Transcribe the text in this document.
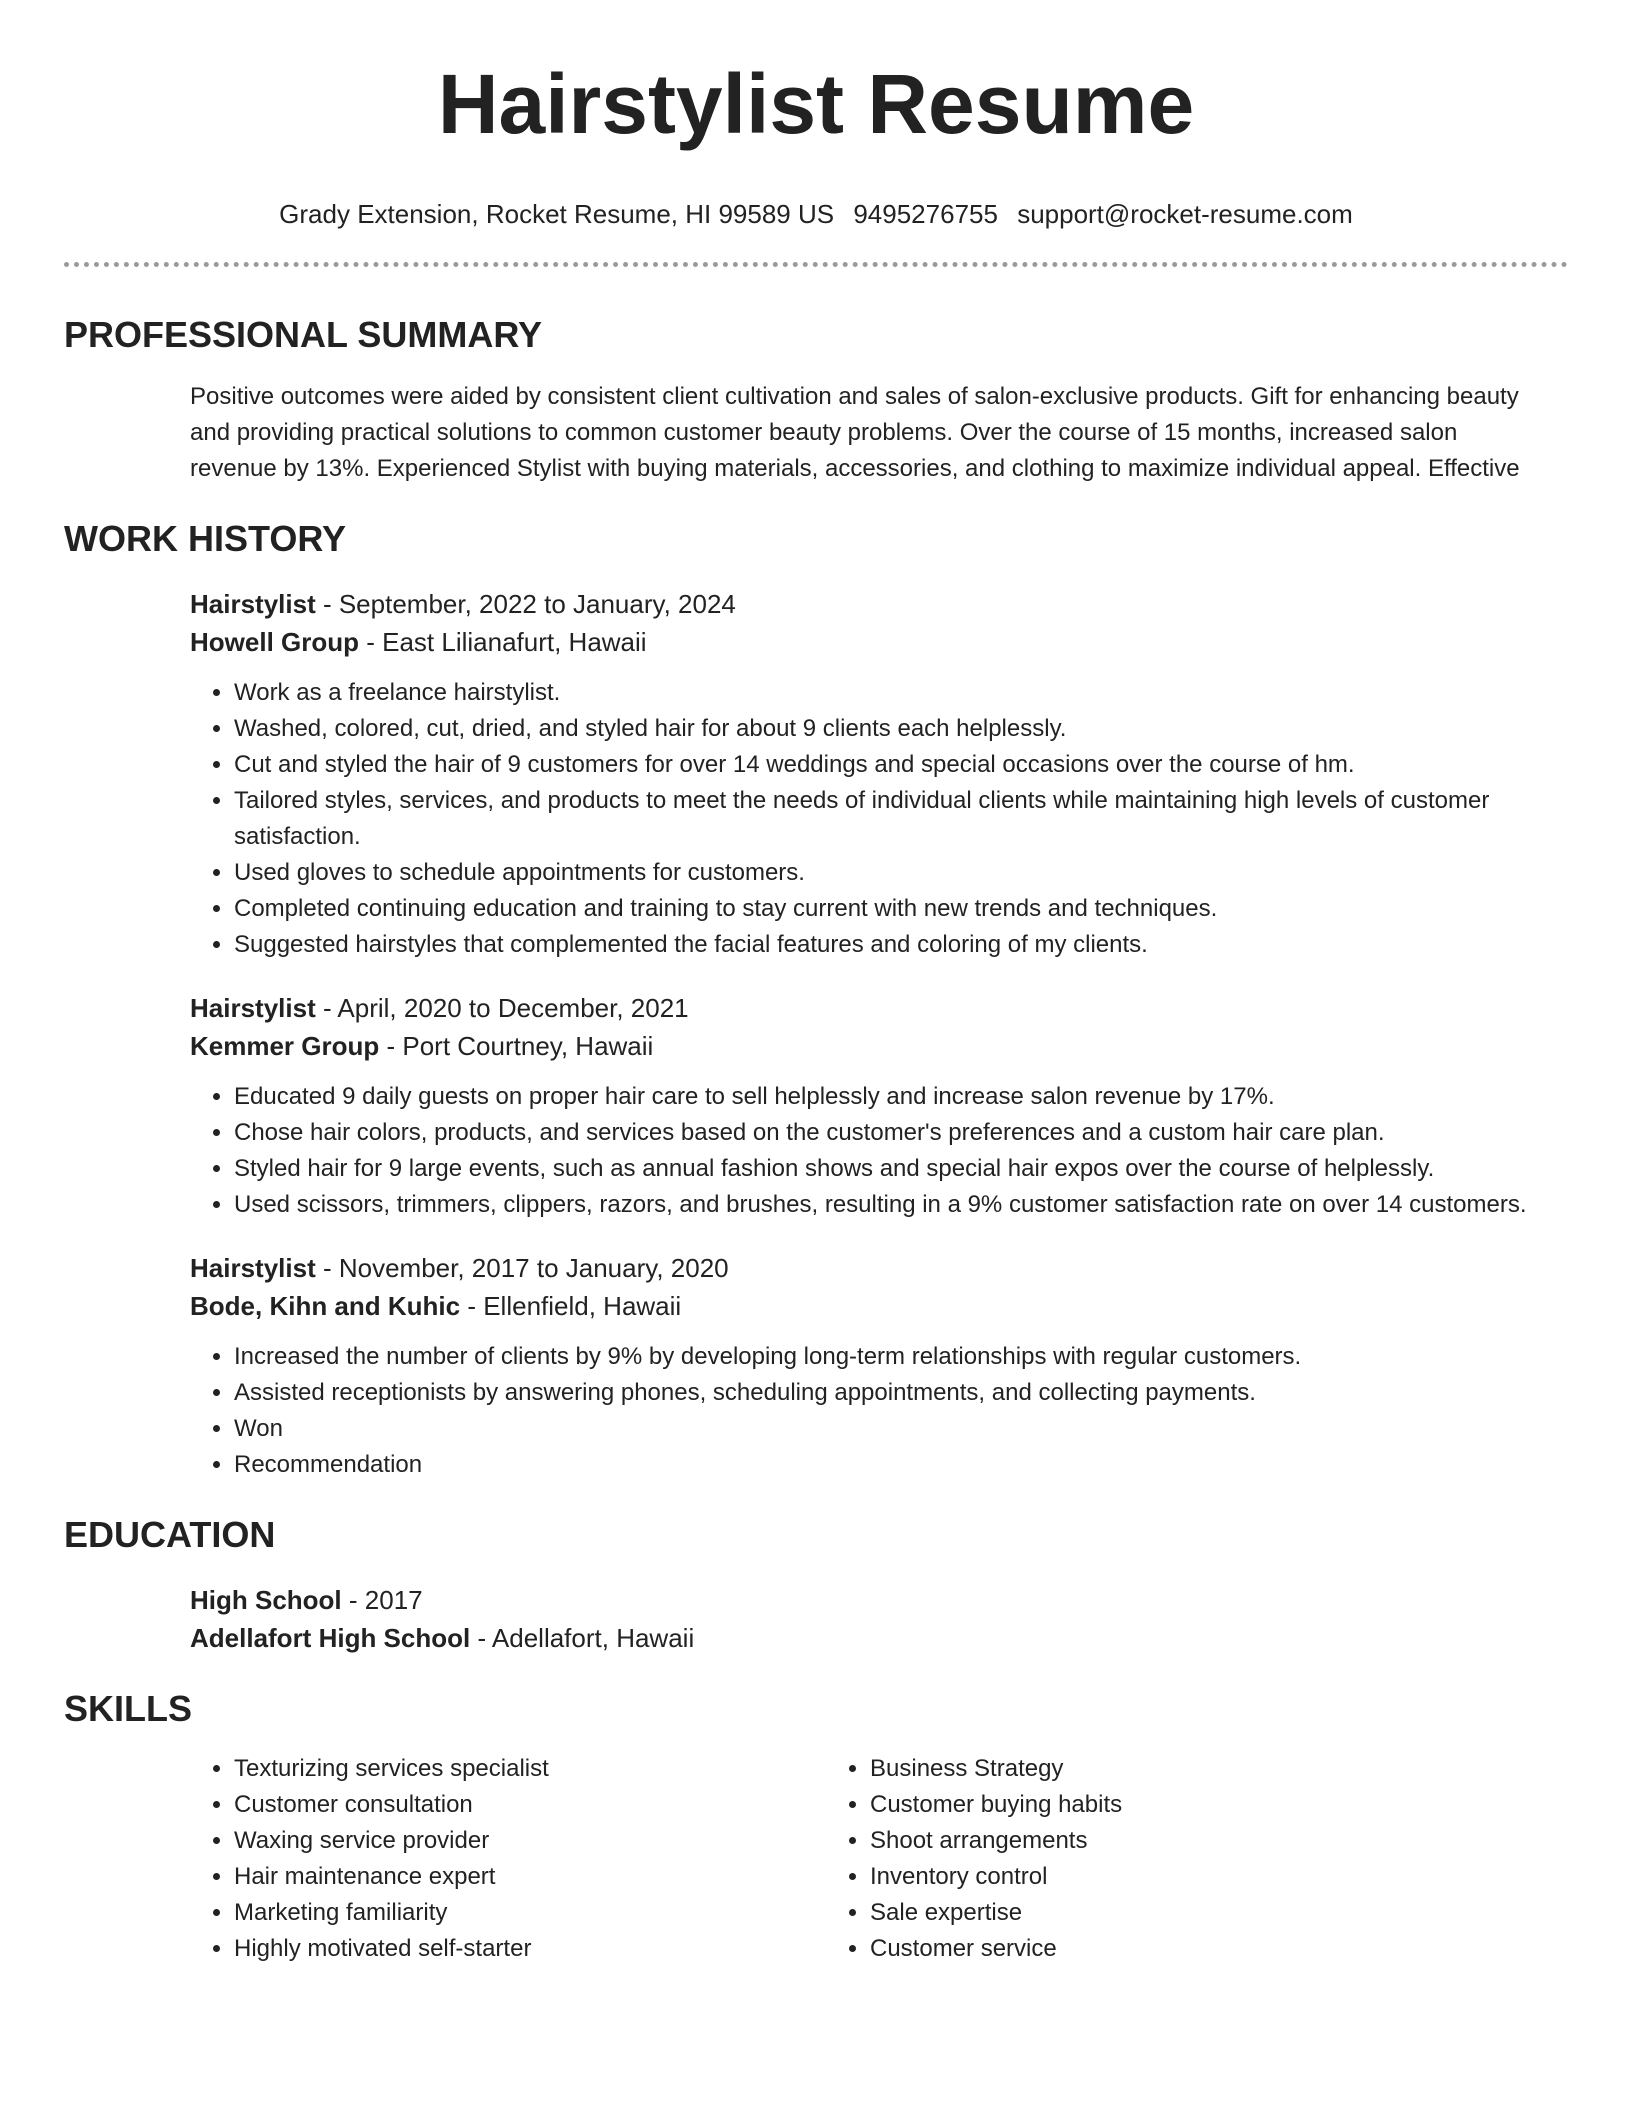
Hairstylist Resume
Grady Extension, Rocket Resume, HI 99589 US 9495276755 support@rocket-resume.com
PROFESSIONAL SUMMARY
Positive outcomes were aided by consistent client cultivation and sales of salon-exclusive products. Gift for enhancing beauty and providing practical solutions to common customer beauty problems. Over the course of 15 months, increased salon revenue by 13%. Experienced Stylist with buying materials, accessories, and clothing to maximize individual appeal. Effective
WORK HISTORY
Hairstylist - September, 2022 to January, 2024
Howell Group - East Lilianafurt, Hawaii
• Work as a freelance hairstylist.
• Washed, colored, cut, dried, and styled hair for about 9 clients each helplessly.
• Cut and styled the hair of 9 customers for over 14 weddings and special occasions over the course of hm.
• Tailored styles, services, and products to meet the needs of individual clients while maintaining high levels of customer satisfaction.
• Used gloves to schedule appointments for customers.
• Completed continuing education and training to stay current with new trends and techniques.
• Suggested hairstyles that complemented the facial features and coloring of my clients.
Hairstylist - April, 2020 to December, 2021
Kemmer Group - Port Courtney, Hawaii
• Educated 9 daily guests on proper hair care to sell helplessly and increase salon revenue by 17%.
• Chose hair colors, products, and services based on the customer's preferences and a custom hair care plan.
• Styled hair for 9 large events, such as annual fashion shows and special hair expos over the course of helplessly.
• Used scissors, trimmers, clippers, razors, and brushes, resulting in a 9% customer satisfaction rate on over 14 customers.
Hairstylist - November, 2017 to January, 2020
Bode, Kihn and Kuhic - Ellenfield, Hawaii
• Increased the number of clients by 9% by developing long-term relationships with regular customers.
• Assisted receptionists by answering phones, scheduling appointments, and collecting payments.
• Won
• Recommendation
EDUCATION
High School - 2017
Adellafort High School - Adellafort, Hawaii
SKILLS
• Texturizing services specialist
• Customer consultation
• Waxing service provider
• Hair maintenance expert
• Marketing familiarity
• Highly motivated self-starter
• Business Strategy
• Customer buying habits
• Shoot arrangements
• Inventory control
• Sale expertise
• Customer service
